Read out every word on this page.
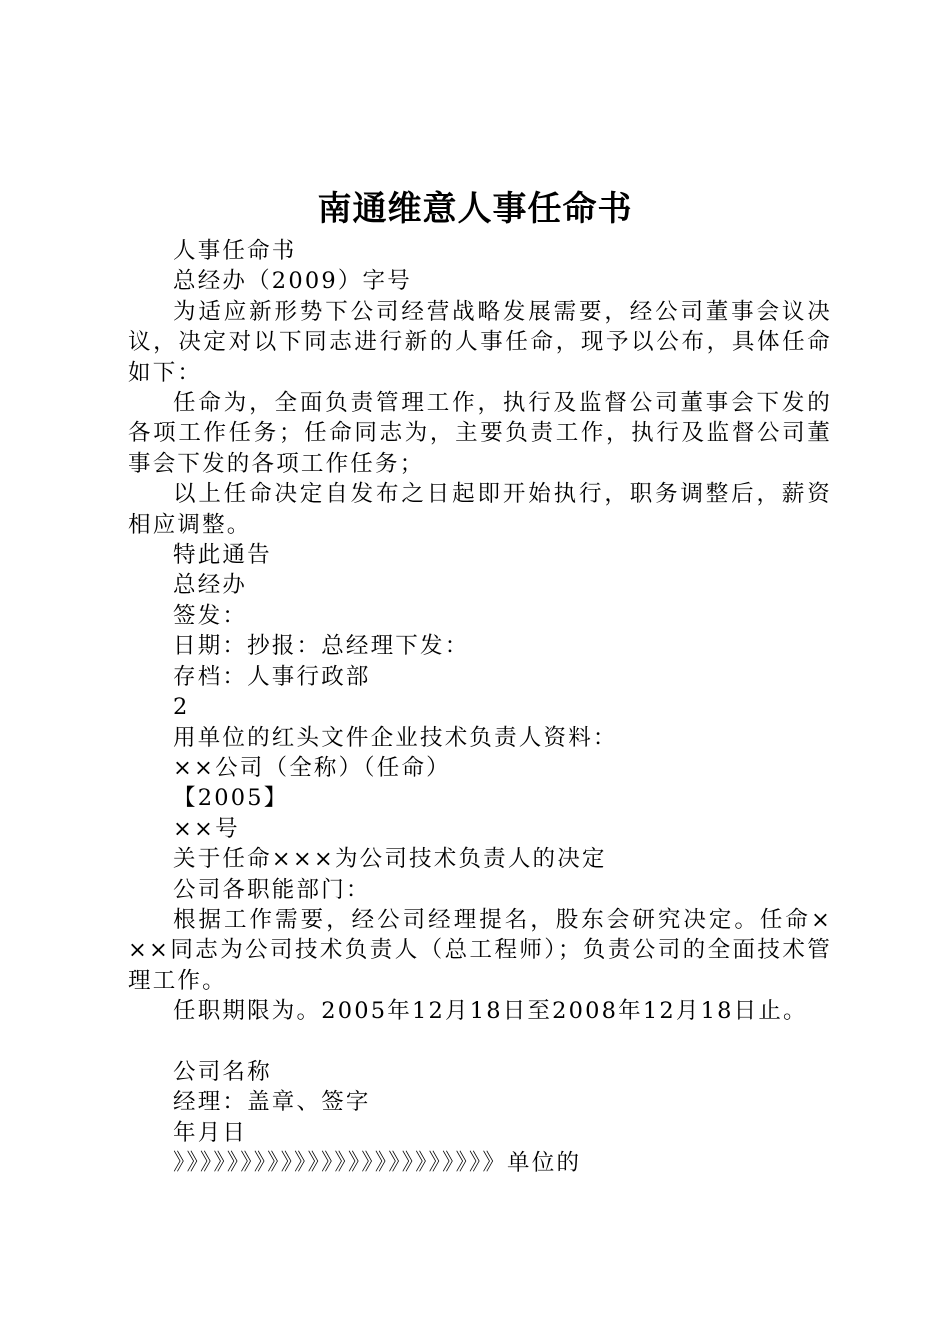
南通维意人事任命书

人事任命书

总经办（2009）字号

为适应新形势下公司经营战略发展需要，经公司董事会议决议，决定对以下同志进行新的人事任命，现予以公布，具体任命如下：

任命为，全面负责管理工作，执行及监督公司董事会下发的各项工作任务；任命同志为，主要负责工作，执行及监督公司董事会下发的各项工作任务；

以上任命决定自发布之日起即开始执行，职务调整后，薪资相应调整。

特此通告

总经办

签发：

日期：抄报：总经理下发：

存档：人事行政部

2

用单位的红头文件企业技术负责人资料：

××公司（全称）（任命）

【2005】

××号

关于任命×××为公司技术负责人的决定

公司各职能部门：

根据工作需要，经公司经理提名，股东会研究决定。任命×××同志为公司技术负责人（总工程师）；负责公司的全面技术管理工作。

任职期限为。2005年12月18日至2008年12月18日止。

公司名称

经理：盖章、签字

年月日

》》》》》》》》》》》》》》》》》》》》》》》》单位的
